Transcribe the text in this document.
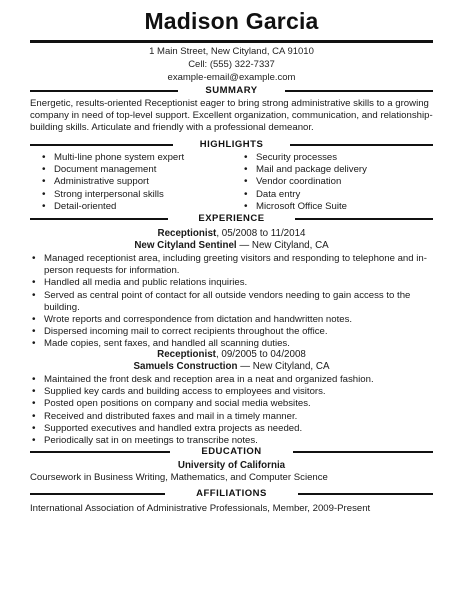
Madison Garcia
1 Main Street, New Cityland, CA 91010
Cell: (555) 322-7337
example-email@example.com
SUMMARY
Energetic, results-oriented Receptionist eager to bring strong administrative skills to a growing company in need of top-level support. Excellent organization, communication, and relationship-building skills. Articulate and friendly with a professional demeanor.
HIGHLIGHTS
• Multi-line phone system expert
• Document management
• Administrative support
• Strong interpersonal skills
• Detail-oriented
• Security processes
• Mail and package delivery
• Vendor coordination
• Data entry
• Microsoft Office Suite
EXPERIENCE
Receptionist, 05/2008 to 11/2014
New Cityland Sentinel — New Cityland, CA
• Managed receptionist area, including greeting visitors and responding to telephone and in-person requests for information.
• Handled all media and public relations inquiries.
• Served as central point of contact for all outside vendors needing to gain access to the building.
• Wrote reports and correspondence from dictation and handwritten notes.
• Dispersed incoming mail to correct recipients throughout the office.
• Made copies, sent faxes, and handled all scanning duties.
Receptionist, 09/2005 to 04/2008
Samuels Construction — New Cityland, CA
• Maintained the front desk and reception area in a neat and organized fashion.
• Supplied key cards and building access to employees and visitors.
• Posted open positions on company and social media websites.
• Received and distributed faxes and mail in a timely manner.
• Supported executives and handled extra projects as needed.
• Periodically sat in on meetings to transcribe notes.
EDUCATION
University of California
Coursework in Business Writing, Mathematics, and Computer Science
AFFILIATIONS
International Association of Administrative Professionals, Member, 2009-Present
